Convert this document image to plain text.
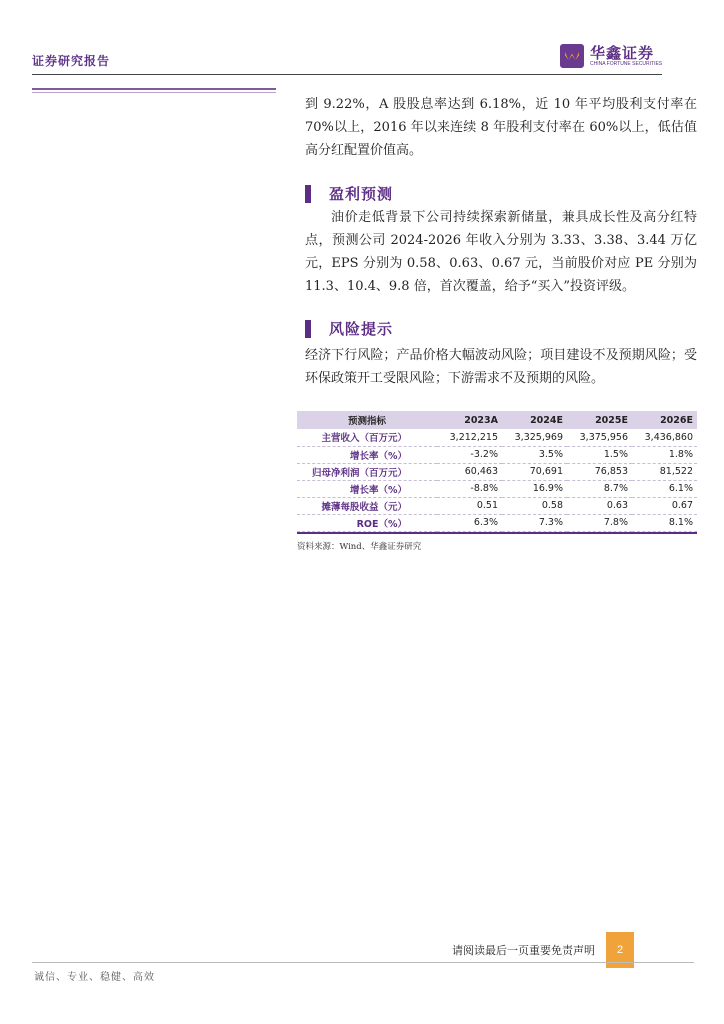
证券研究报告	华鑫证券
CHINA FORTUNE SECURITIES

到 9.22%，A 股股息率达到 6.18%，近 10 年平均股利支付率在 70%以上，2016 年以来连续 8 年股利支付率在 60%以上，低估值高分红配置价值高。

盈利预测

油价走低背景下公司持续探索新储量，兼具成长性及高分红特点，预测公司 2024-2026 年收入分别为 3.33、3.38、3.44 万亿元，EPS 分别为 0.58、0.63、0.67 元，当前股价对应 PE 分别为 11.3、10.4、9.8 倍，首次覆盖，给予“买入”投资评级。

风险提示

经济下行风险；产品价格大幅波动风险；项目建设不及预期风险；受环保政策开工受限风险；下游需求不及预期的风险。

预测指标	2023A	2024E	2025E	2026E
主营收入（百万元）	3,212,215	3,325,969	3,375,956	3,436,860
增长率（%）	-3.2%	3.5%	1.5%	1.8%
归母净利润（百万元）	60,463	70,691	76,853	81,522
增长率（%）	-8.8%	16.9%	8.7%	6.1%
摊薄每股收益（元）	0.51	0.58	0.63	0.67
ROE（%）	6.3%	7.3%	7.8%	8.1%
资料来源：Wind、华鑫证券研究
请阅读最后一页重要免责声明	2
诚信、专业、稳健、高效
